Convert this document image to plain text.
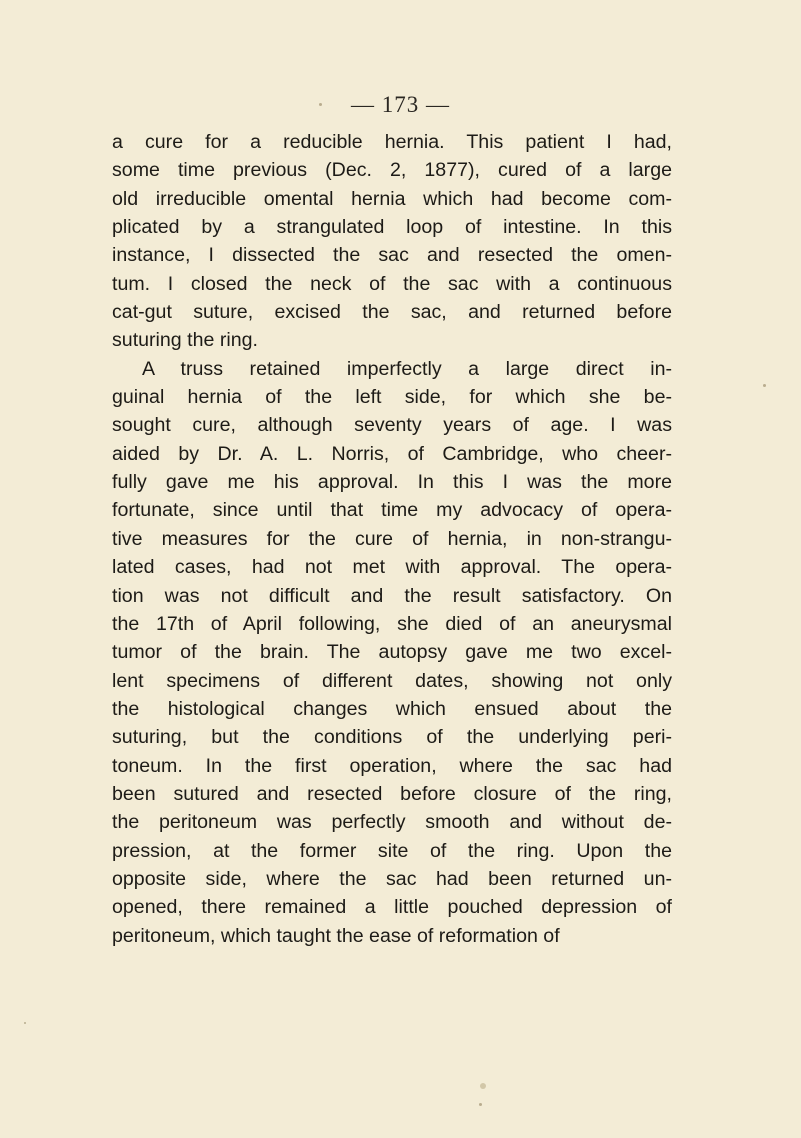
— 173 —
a cure for a reducible hernia. This patient I had,
some time previous (Dec. 2, 1877), cured of a large
old irreducible omental hernia which had become com-
plicated by a strangulated loop of intestine. In this
instance, I dissected the sac and resected the omen-
tum. I closed the neck of the sac with a continuous
cat-gut suture, excised the sac, and returned before
suturing the ring.
A truss retained imperfectly a large direct in-
guinal hernia of the left side, for which she be-
sought cure, although seventy years of age. I was
aided by Dr. A. L. Norris, of Cambridge, who cheer-
fully gave me his approval. In this I was the more
fortunate, since until that time my advocacy of opera-
tive measures for the cure of hernia, in non-strangu-
lated cases, had not met with approval. The opera-
tion was not difficult and the result satisfactory. On
the 17th of April following, she died of an aneurysmal
tumor of the brain. The autopsy gave me two excel-
lent specimens of different dates, showing not only
the histological changes which ensued about the
suturing, but the conditions of the underlying peri-
toneum. In the first operation, where the sac had
been sutured and resected before closure of the ring,
the peritoneum was perfectly smooth and without de-
pression, at the former site of the ring. Upon the
opposite side, where the sac had been returned un-
opened, there remained a little pouched depression of
peritoneum, which taught the ease of reformation of
